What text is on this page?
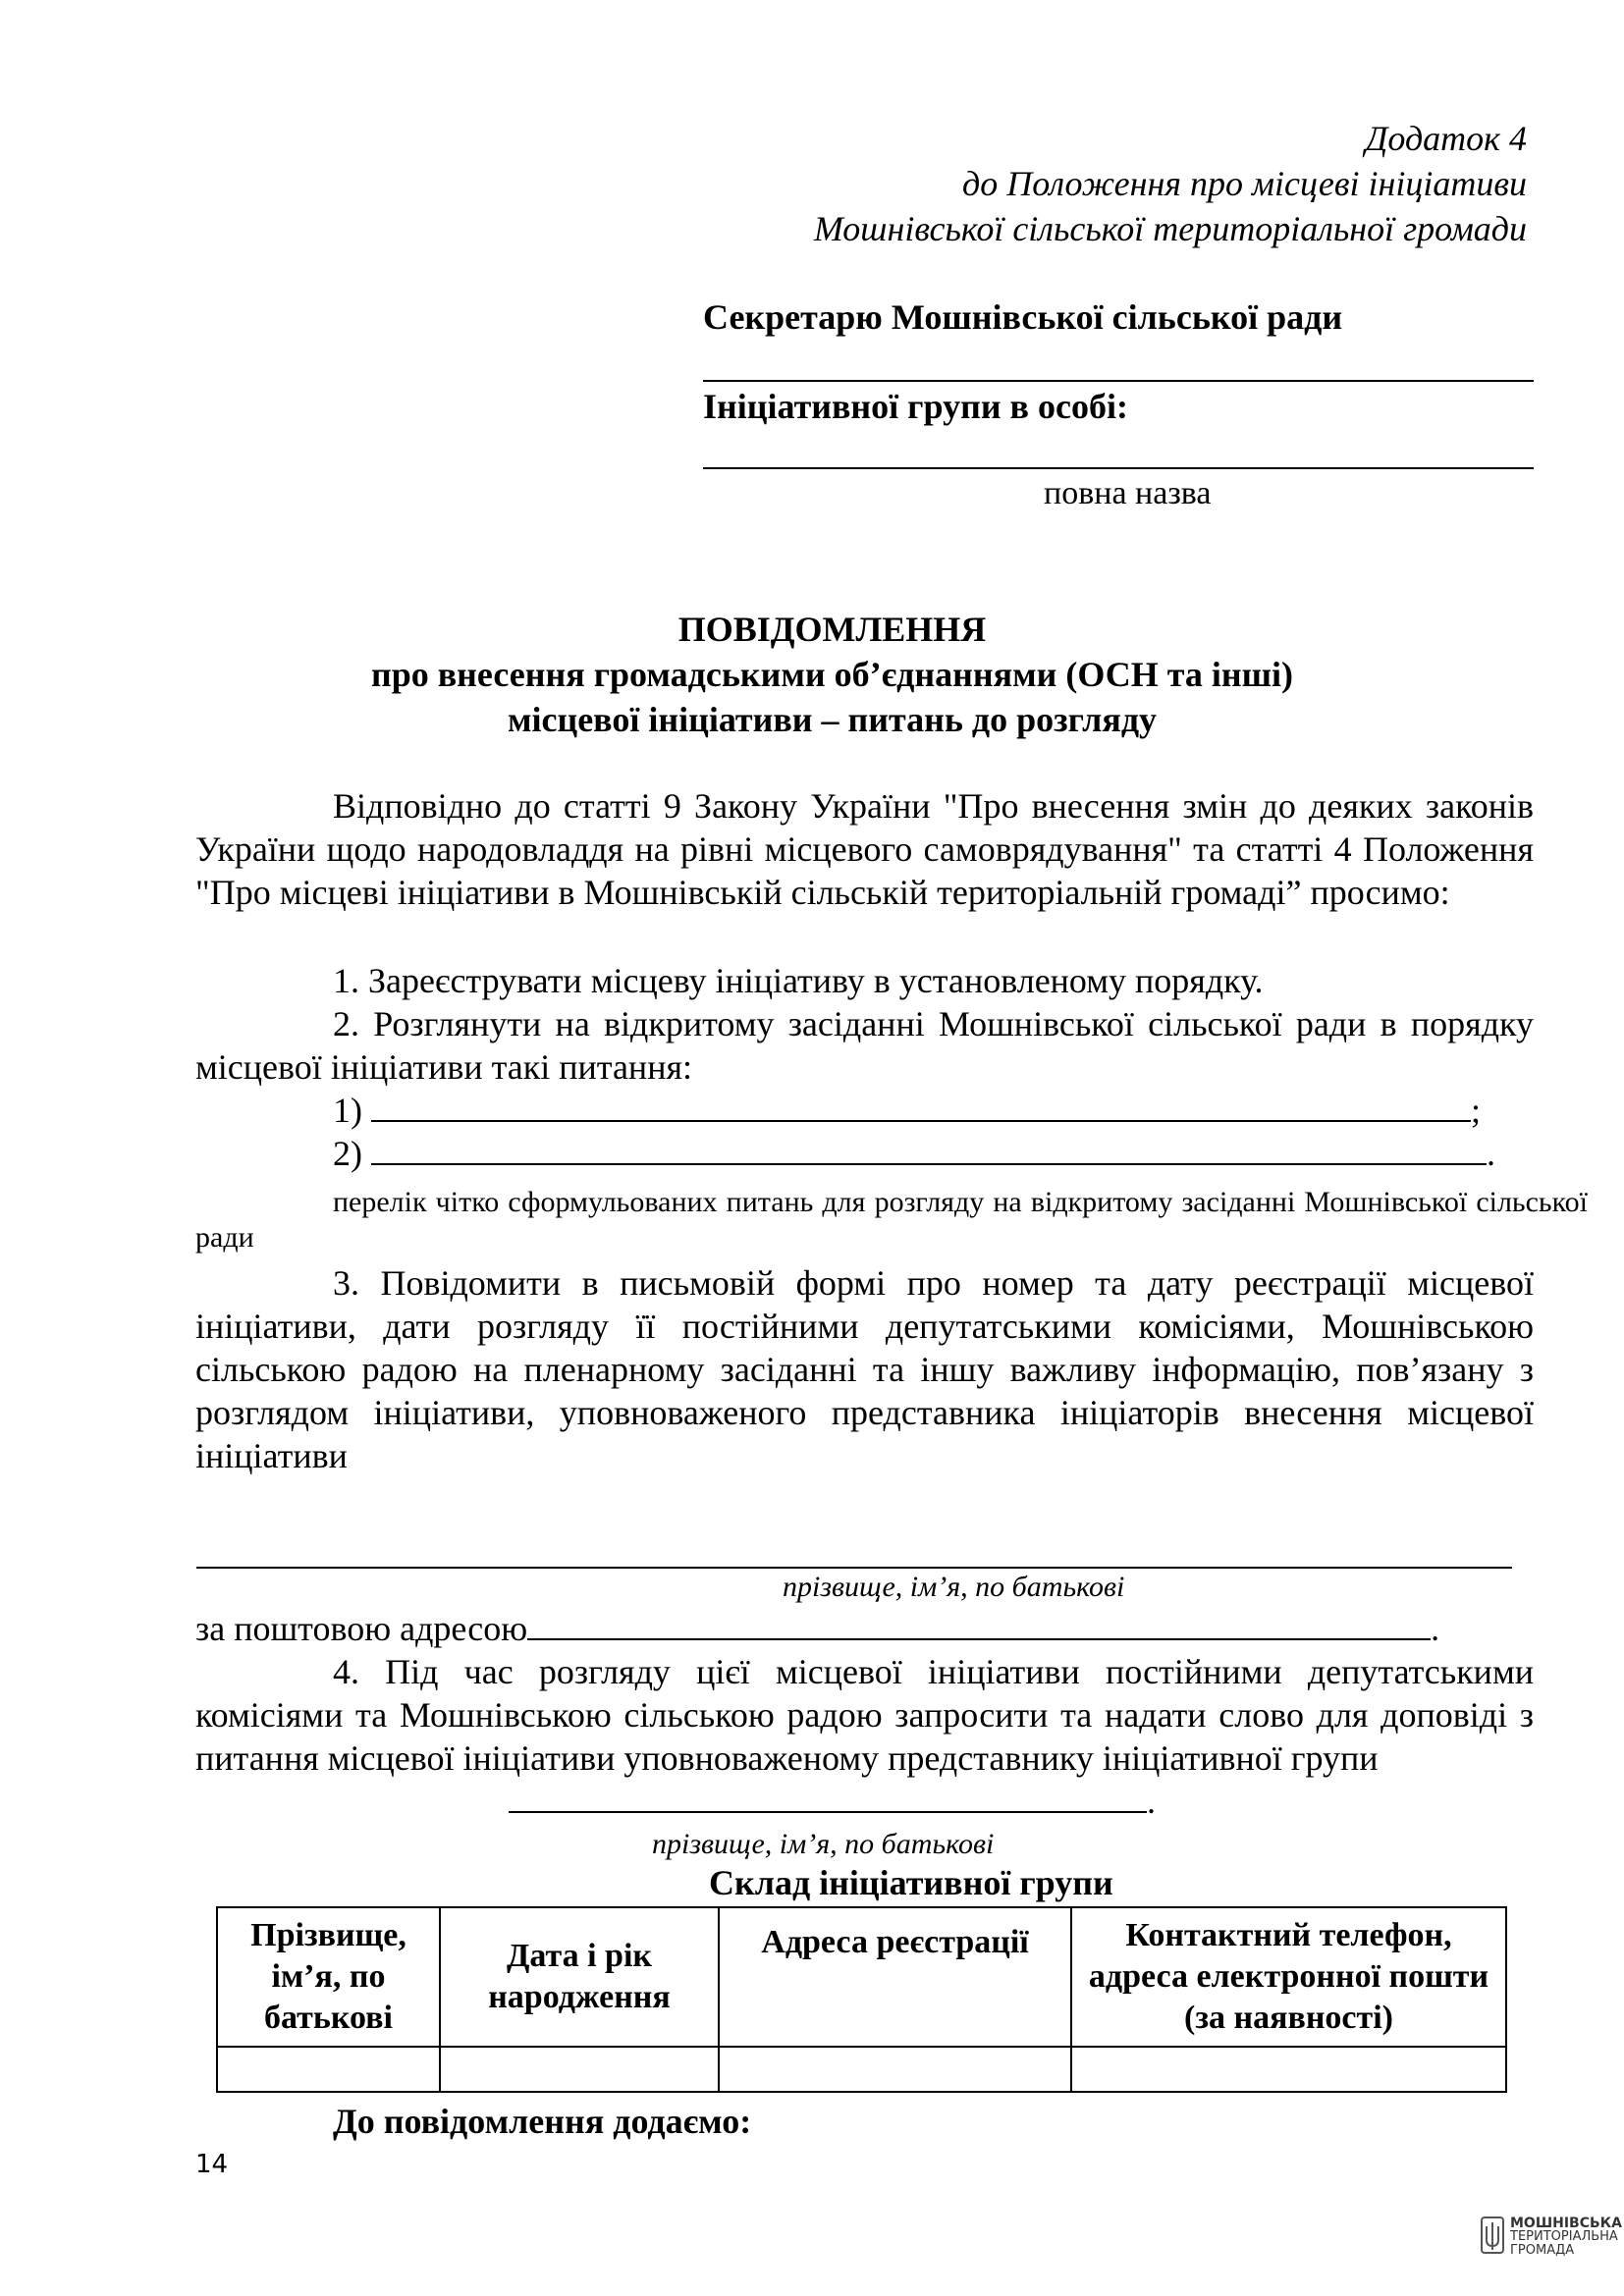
Додаток 4
до Положення про місцеві ініціативи
Мошнівської сільської територіальної громади
Секретарю Мошнівської сільської ради
Ініціативної групи в особі:
повна назва
ПОВІДОМЛЕННЯ
про внесення громадськими об’єднаннями (ОСН та інші)
місцевої ініціативи – питань до розгляду
Відповідно до статті 9 Закону України "Про внесення змін до деяких законів України щодо народовладдя на рівні місцевого самоврядування" та статті 4 Положення "Про місцеві ініціативи в Мошнівській сільській територіальній громаді” просимо:
1. Зареєструвати місцеву ініціативу в установленому порядку.
2. Розглянути на відкритому засіданні Мошнівської сільської ради в порядку місцевої ініціативи такі питання:
1)	;
2)	.
перелік чітко сформульованих питань для розгляду на відкритому засіданні Мошнівської сільської ради
3. Повідомити в письмовій формі про номер та дату реєстрації місцевої ініціативи, дати розгляду її постійними депутатськими комісіями, Мошнівською сільською радою на пленарному засіданні та іншу важливу інформацію, пов’язану з розглядом ініціативи, уповноваженого представника ініціаторів внесення місцевої ініціативи
прізвище, ім’я, по батькові
за поштовою адресою	.
4. Під час розгляду цієї місцевої ініціативи постійними депутатськими комісіями та Мошнівською сільською радою запросити та надати слово для доповіді з питання місцевої ініціативи уповноваженому представнику ініціативної групи
.
прізвище, ім’я, по батькові
Склад ініціативної групи
Прізвище, ім’я, по батькові	Дата і рік народження	Адреса реєстрації	Контактний телефон, адреса електронної пошти (за наявності)

До повідомлення додаємо:
14
МОШНІВСЬКА
ТЕРИТОРІАЛЬНА
ГРОМАДА
